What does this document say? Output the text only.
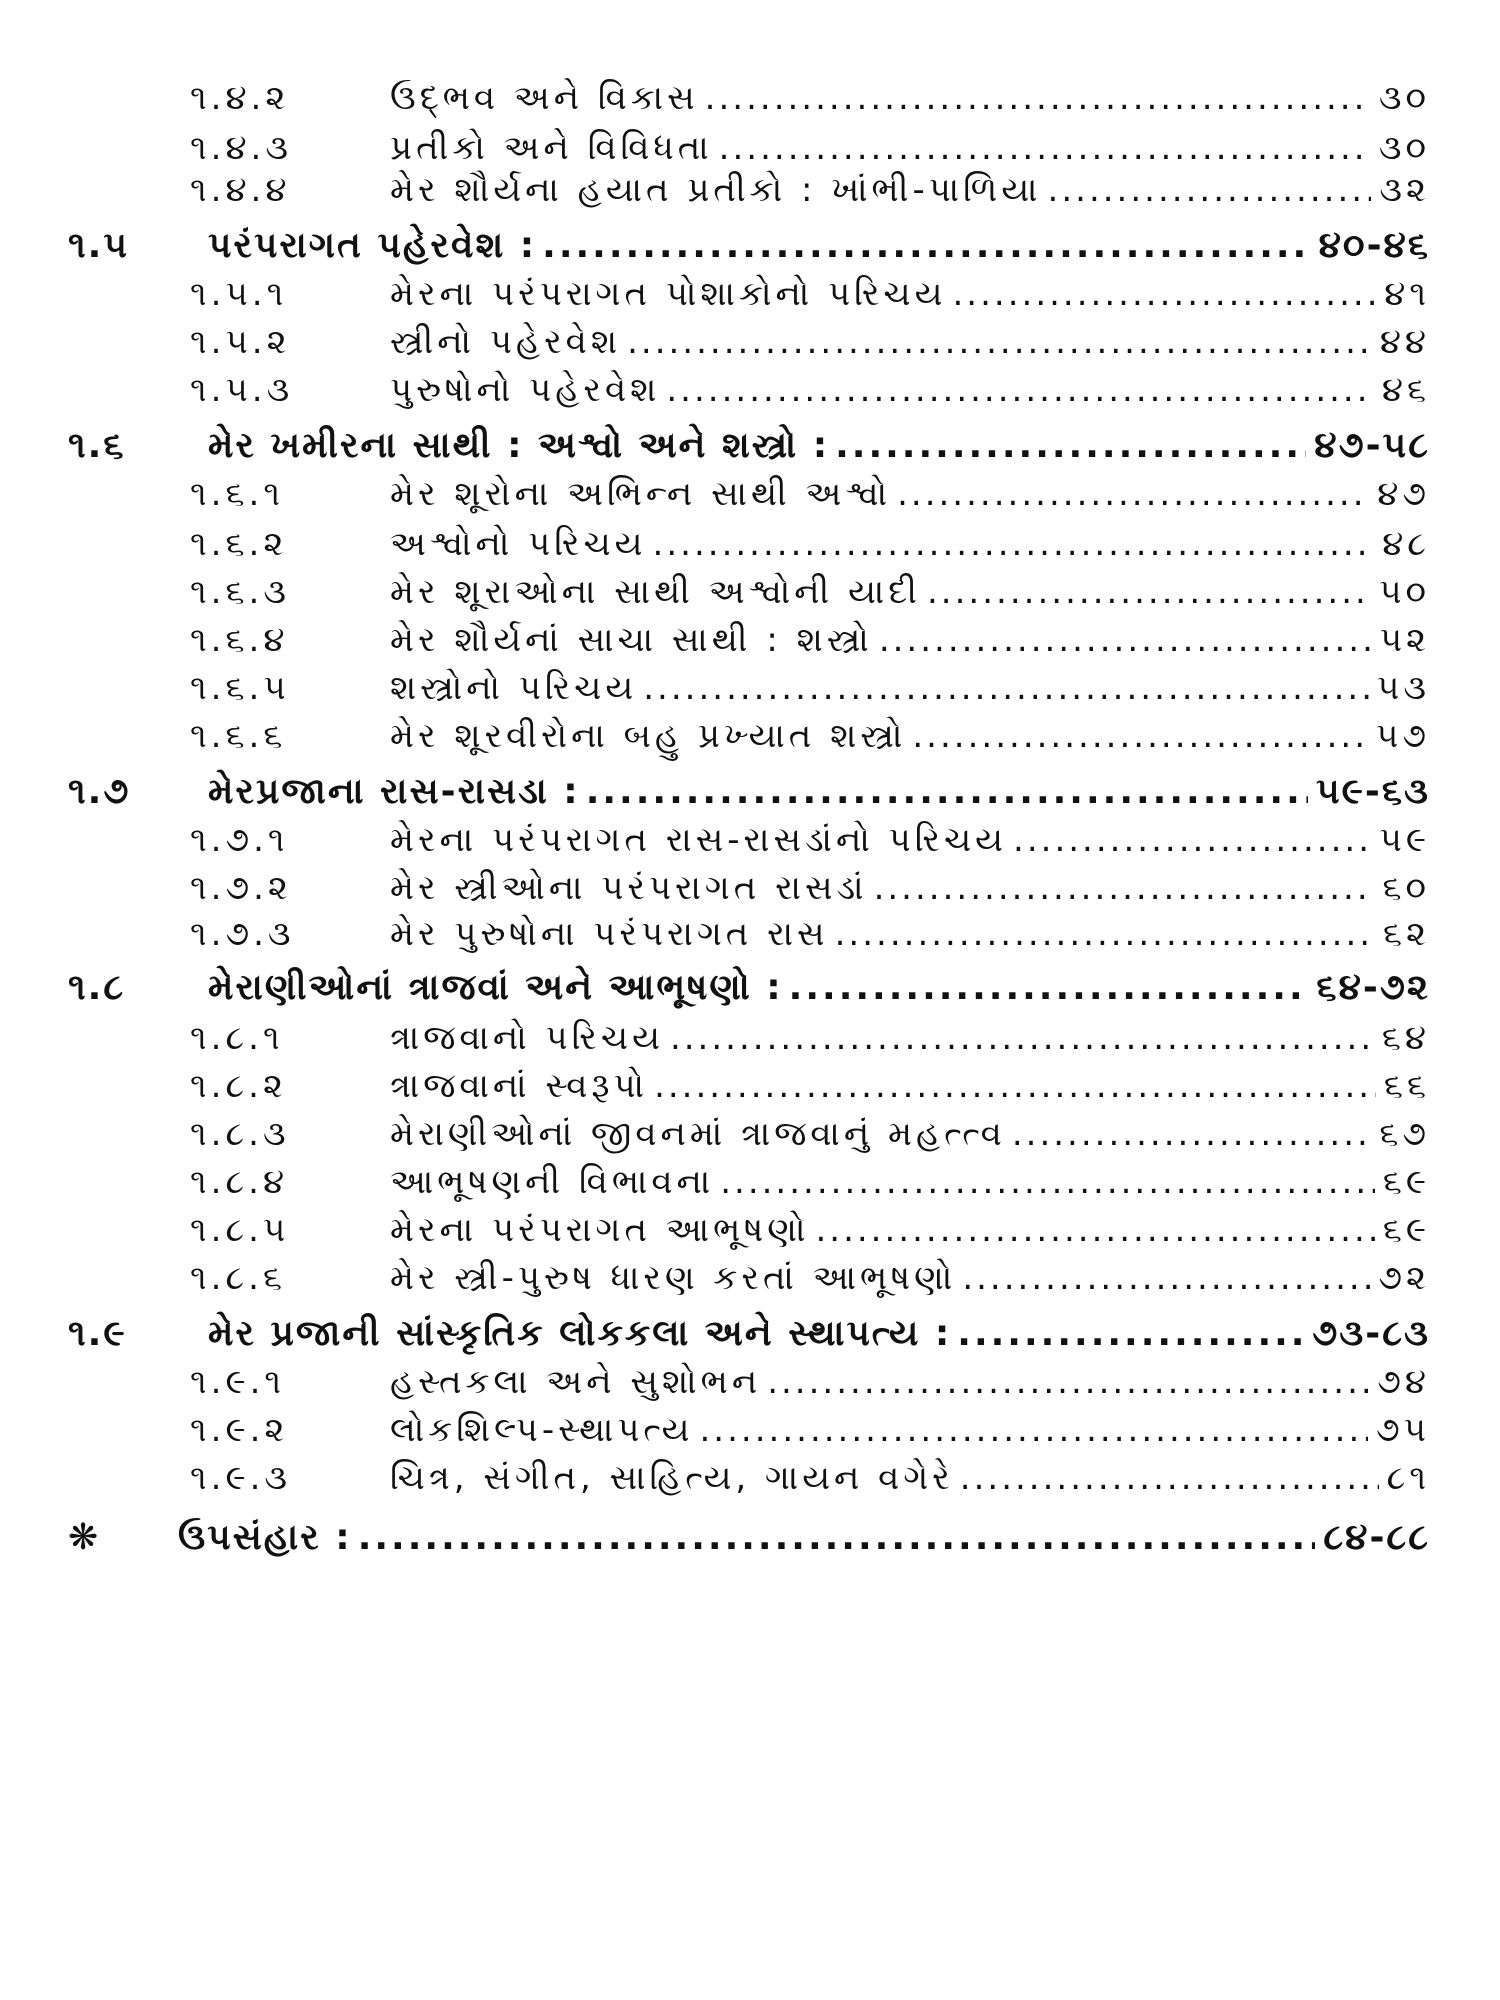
૧.૪.૨	ઉદ્ભવ અને વિકાસ .....	૩૦
૧.૪.૩	પ્રતીકો અને વિવિધતા .....	૩૦
૧.૪.૪	મેર શૌર્યના હયાત પ્રતીકો : ખાંભી-પાળિયા .....	૩૨
૧.૫	પરંપરાગત પહેરવેશ : .....	૪૦-૪૬
૧.૫.૧	મેરના પરંપરાગત પોશાકોનો પરિચય .....	૪૧
૧.૫.૨	સ્ત્રીનો પહેરવેશ .....	૪૪
૧.૫.૩	પુરુષોનો પહેરવેશ .....	૪૬
૧.૬	મેર ખમીરના સાથી : અશ્વો અને શસ્ત્રો : .....	૪૭-૫૮
૧.૬.૧	મેર શૂરોના અભિન્ન સાથી અશ્વો .....	૪૭
૧.૬.૨	અશ્વોનો પરિચય .....	૪૮
૧.૬.૩	મેર શૂરાઓના સાથી અશ્વોની યાદી .....	૫૦
૧.૬.૪	મેર શૌર્યનાં સાચા સાથી : શસ્ત્રો .....	૫૨
૧.૬.૫	શસ્ત્રોનો પરિચય .....	૫૩
૧.૬.૬	મેર શૂરવીરોના બહુ પ્રખ્યાત શસ્ત્રો .....	૫૭
૧.૭	મેરપ્રજાના રાસ-રાસડા : .....	૫૯-૬૩
૧.૭.૧	મેરના પરંપરાગત રાસ-રાસડાંનો પરિચય .....	૫૯
૧.૭.૨	મેર સ્ત્રીઓના પરંપરાગત રાસડાં .....	૬૦
૧.૭.૩	મેર પુરુષોના પરંપરાગત રાસ .....	૬૨
૧.૮	મેરાણીઓનાં ત્રાજવાં અને આભૂષણો : .....	૬૪-૭૨
૧.૮.૧	ત્રાજવાનો પરિચય .....	૬૪
૧.૮.૨	ત્રાજવાનાં સ્વરૂપો .....	૬૬
૧.૮.૩	મેરાણીઓનાં જીવનમાં ત્રાજવાનું મહત્ત્વ .....	૬૭
૧.૮.૪	આભૂષણની વિભાવના .....	૬૯
૧.૮.૫	મેરના પરંપરાગત આભૂષણો .....	૬૯
૧.૮.૬	મેર સ્ત્રી-પુરુષ ધારણ કરતાં આભૂષણો .....	૭૨
૧.૯	મેર પ્રજાની સાંસ્કૃતિક લોકકલા અને સ્થાપત્ય : .....	૭૩-૮૩
૧.૯.૧	હસ્તકલા અને સુશોભન .....	૭૪
૧.૯.૨	લોકશિલ્પ-સ્થાપત્ય .....	૭૫
૧.૯.૩	ચિત્ર, સંગીત, સાહિત્ય, ગાયન વગેરે .....	૮૧
❋	ઉપસંહાર : .....	૮૪-૮૮
